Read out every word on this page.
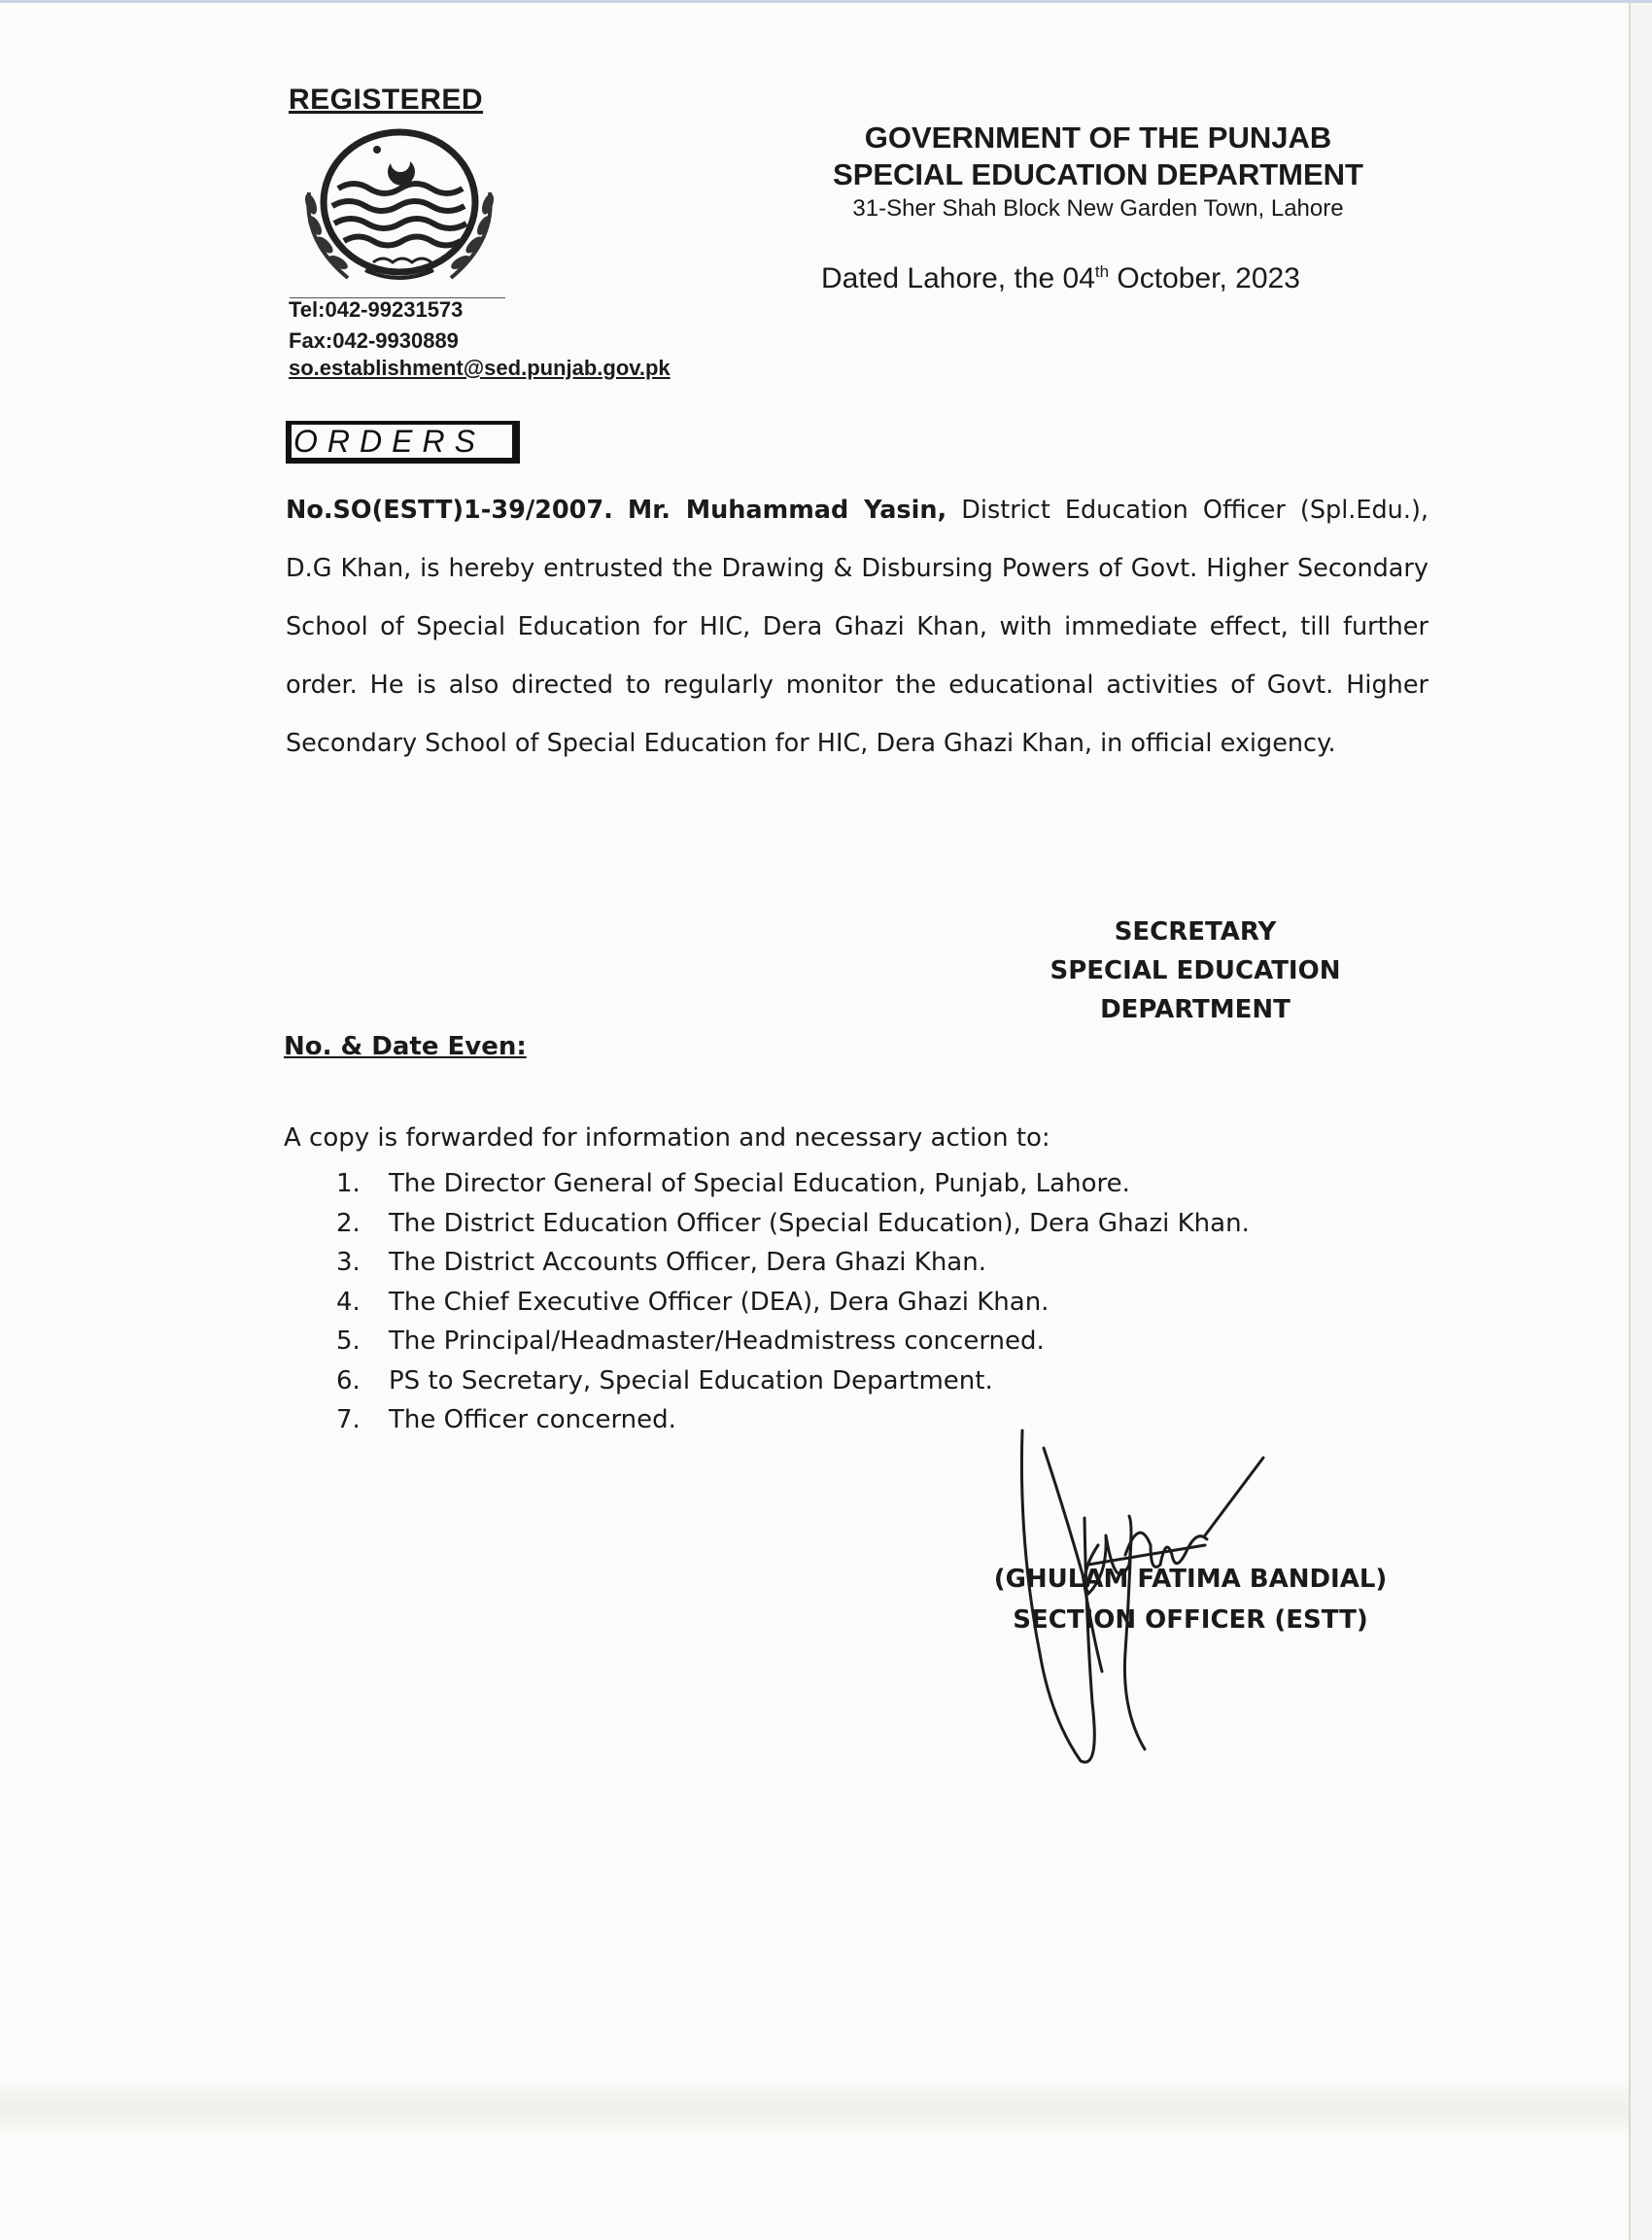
REGISTERED
Tel:042-99231573
Fax:042-9930889
so.establishment@sed.punjab.gov.pk
GOVERNMENT OF THE PUNJAB
SPECIAL EDUCATION DEPARTMENT
31-Sher Shah Block New Garden Town, Lahore
Dated Lahore, the 04th October, 2023
ORDERS
No.SO(ESTT)1-39/2007. Mr. Muhammad Yasin, District Education Officer (Spl.Edu.), D.G Khan, is hereby entrusted the Drawing & Disbursing Powers of Govt. Higher Secondary School of Special Education for HIC, Dera Ghazi Khan, with immediate effect, till further order. He is also directed to regularly monitor the educational activities of Govt. Higher Secondary School of Special Education for HIC, Dera Ghazi Khan, in official exigency.
SECRETARY
SPECIAL EDUCATION
DEPARTMENT
No. & Date Even:
A copy is forwarded for information and necessary action to:
1. The Director General of Special Education, Punjab, Lahore.
2. The District Education Officer (Special Education), Dera Ghazi Khan.
3. The District Accounts Officer, Dera Ghazi Khan.
4. The Chief Executive Officer (DEA), Dera Ghazi Khan.
5. The Principal/Headmaster/Headmistress concerned.
6. PS to Secretary, Special Education Department.
7. The Officer concerned.
(GHULAM FATIMA BANDIAL)
SECTION OFFICER (ESTT)
